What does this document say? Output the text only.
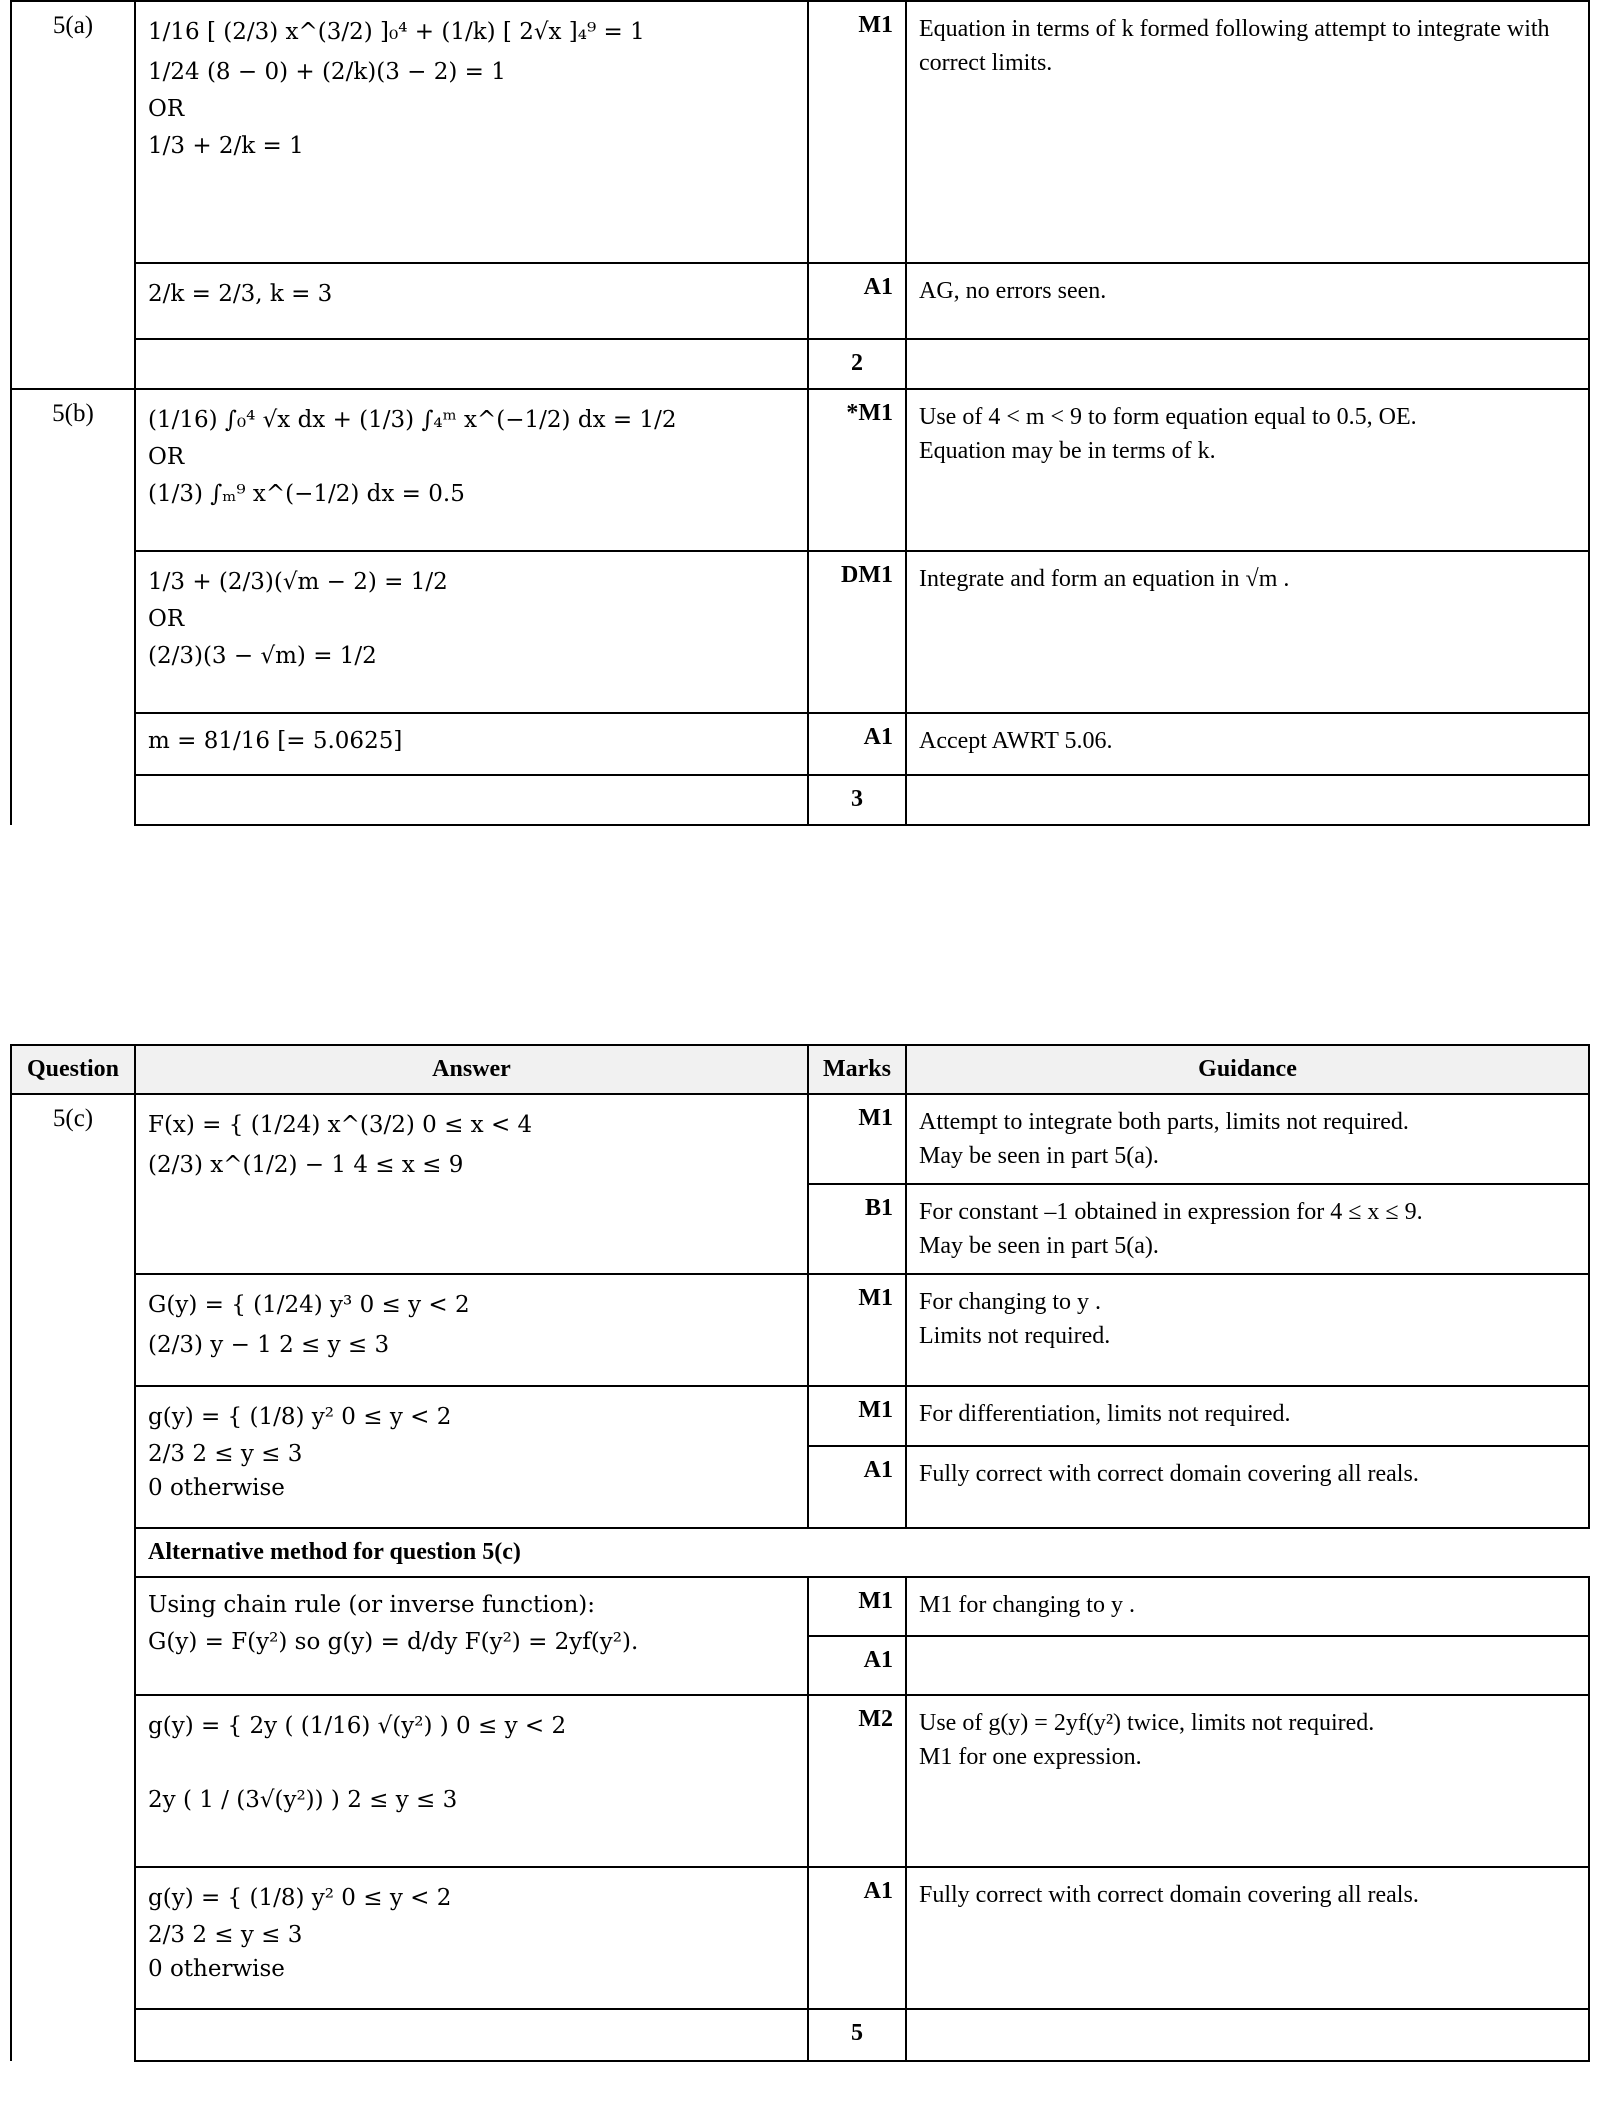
5(a)	1/16 [ (2/3) x^(3/2) ]₀⁴ + (1/k) [ 2√x ]₄⁹ = 1
1/24 (8 − 0) + (2/k)(3 − 2) = 1
OR
1/3 + 2/k = 1	M1	Equation in terms of k formed following attempt to integrate with
correct limits.

	2/k = 2/3, k = 3	A1	AG, no errors seen.

		2	
5(b)	(1/16) ∫₀⁴ √x dx + (1/3) ∫₄ᵐ x^(−1/2) dx = 1/2
OR
(1/3) ∫ₘ⁹ x^(−1/2) dx = 0.5	*M1	Use of 4 < m < 9 to form equation equal to 0.5, OE.
Equation may be in terms of k.

	1/3 + (2/3)(√m − 2) = 1/2
OR
(2/3)(3 − √m) = 1/2	DM1	Integrate and form an equation in √m .

	m = 81/16 [= 5.0625]	A1	Accept AWRT 5.06.

		3	
Question	Answer	Marks	Guidance
5(c)	F(x) = { (1/24) x^(3/2) 0 ≤ x < 4
(2/3) x^(1/2) − 1 4 ≤ x ≤ 9	M1	Attempt to integrate both parts, limits not required.
May be seen in part 5(a).

		B1	For constant –1 obtained in expression for 4 ≤ x ≤ 9.
May be seen in part 5(a).

	G(y) = { (1/24) y³ 0 ≤ y < 2
(2/3) y − 1 2 ≤ y ≤ 3	M1	For changing to y .
Limits not required.

	g(y) = { (1/8) y² 0 ≤ y < 2
2/3 2 ≤ y ≤ 3
0 otherwise	M1	For differentiation, limits not required.

		A1	Fully correct with correct domain covering all reals.

	Alternative method for question 5(c)		

	Using chain rule (or inverse function):
G(y) = F(y²) so g(y) = d/dy F(y²) = 2yf(y²).	M1	M1 for changing to y .

		A1	

	g(y) = { 2y ( (1/16) √(y²) ) 0 ≤ y < 2
2y ( 1 / (3√(y²)) ) 2 ≤ y ≤ 3	M2	Use of g(y) = 2yf(y²) twice, limits not required.
M1 for one expression.

	g(y) = { (1/8) y² 0 ≤ y < 2
2/3 2 ≤ y ≤ 3
0 otherwise	A1	Fully correct with correct domain covering all reals.

		5	
